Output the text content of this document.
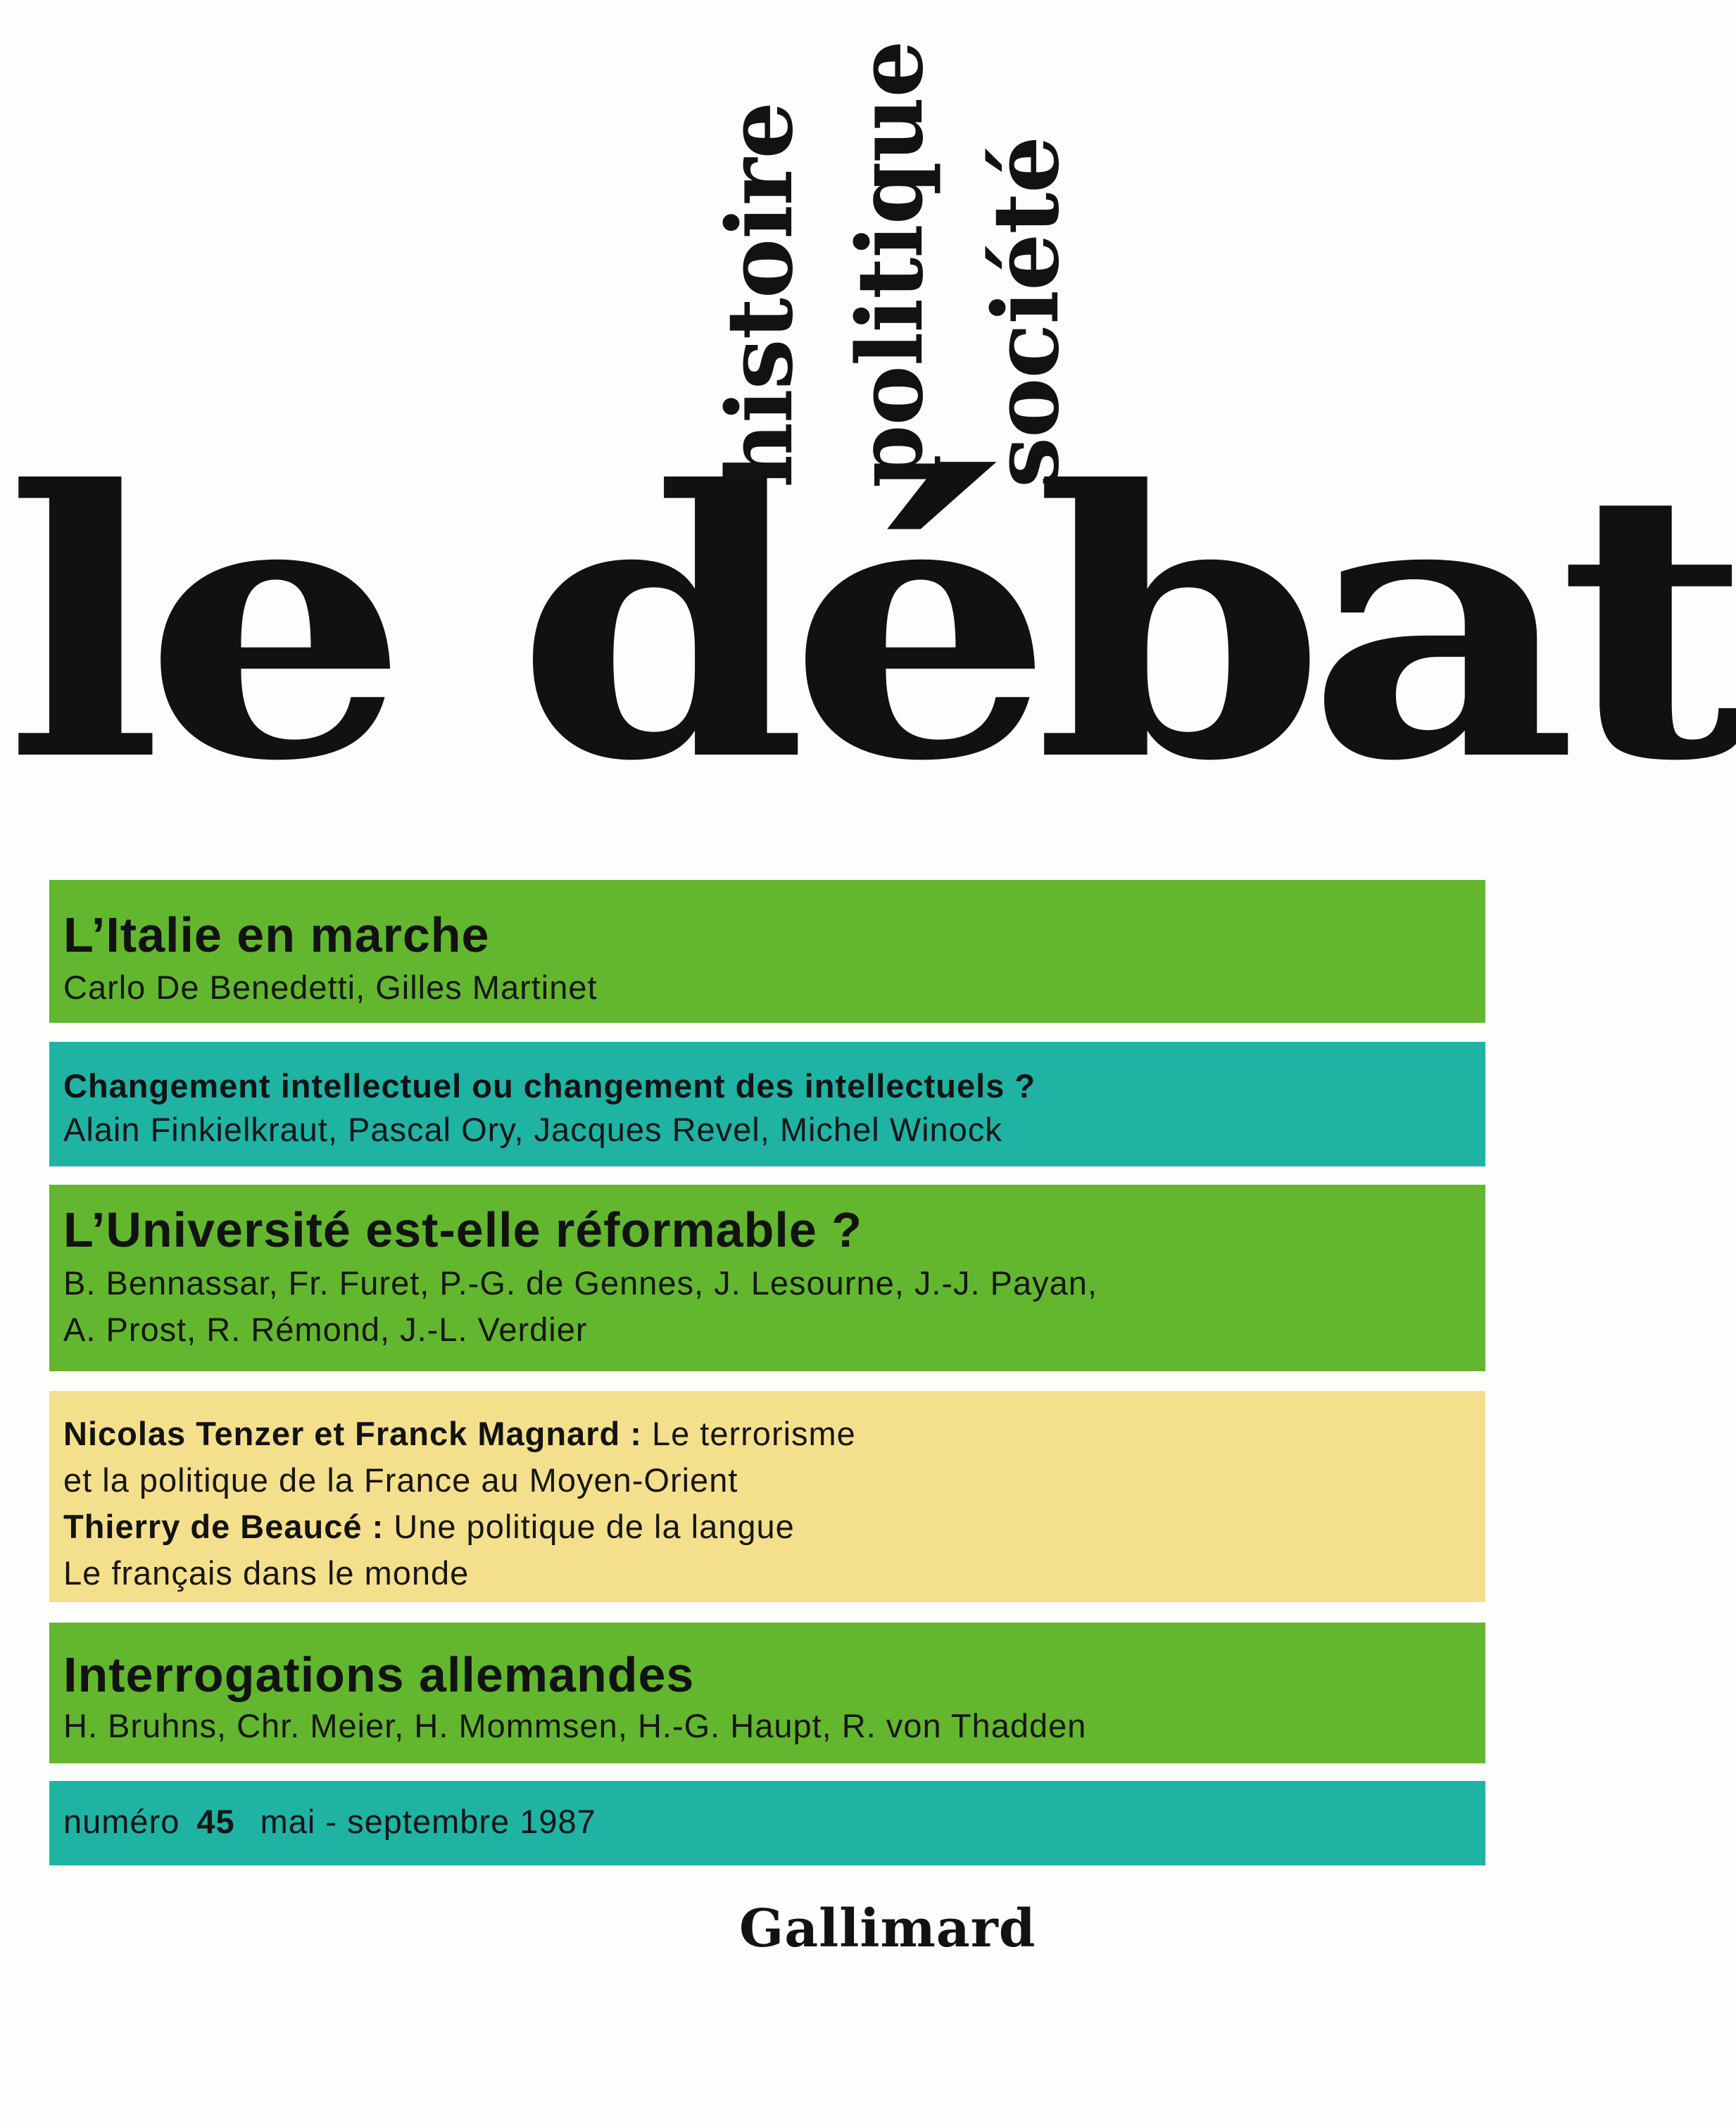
histoire politique société
le débat
L’Italie en marche
Carlo De Benedetti, Gilles Martinet
Changement intellectuel ou changement des intellectuels ?
Alain Finkielkraut, Pascal Ory, Jacques Revel, Michel Winock
L’Université est-elle réformable ?
B. Bennassar, Fr. Furet, P.-G. de Gennes, J. Lesourne, J.-J. Payan,
A. Prost, R. Rémond, J.-L. Verdier
Nicolas Tenzer et Franck Magnard : Le terrorisme
et la politique de la France au Moyen-Orient
Thierry de Beaucé : Une politique de la langue
Le français dans le monde
Interrogations allemandes
H. Bruhns, Chr. Meier, H. Mommsen, H.-G. Haupt, R. von Thadden
numéro 45 mai - septembre 1987
Gallimard
